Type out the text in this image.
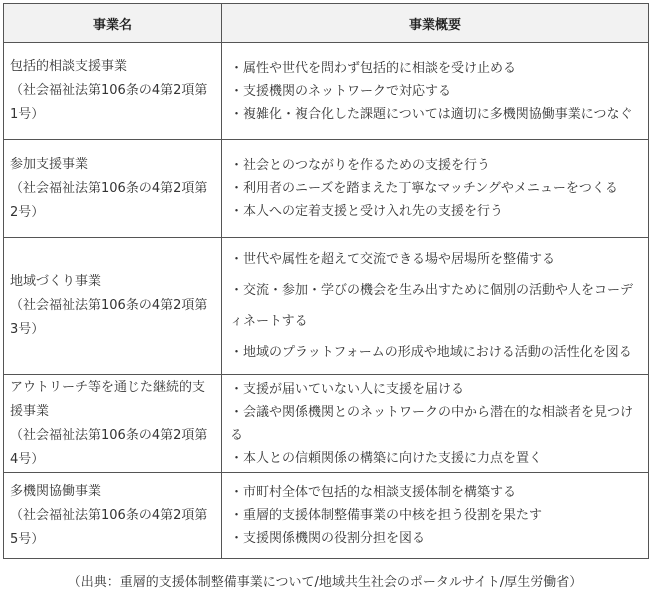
事業名	事業概要
包括的相談支援事業
（社会福祉法第106条の4第2項第1号）	・属性や世代を問わず包括的に相談を受け止める
・支援機関のネットワークで対応する
・複雑化・複合化した課題については適切に多機関協働事業につなぐ

参加支援事業
（社会福祉法第106条の4第2項第2号）	・社会とのつながりを作るための支援を行う
・利用者のニーズを踏まえた丁寧なマッチングやメニューをつくる
・本人への定着支援と受け入れ先の支援を行う

地域づくり事業
（社会福祉法第106条の4第2項第3号）	・世代や属性を超えて交流できる場や居場所を整備する
・交流・参加・学びの機会を生み出すために個別の活動や人をコーディネートする
・地域のプラットフォームの形成や地域における活動の活性化を図る

アウトリーチ等を通じた継続的支援事業
（社会福祉法第106条の4第2項第4号）	・支援が届いていない人に支援を届ける
・会議や関係機関とのネットワークの中から潜在的な相談者を見つける
・本人との信頼関係の構築に向けた支援に力点を置く

多機関協働事業
（社会福祉法第106条の4第2項第5号）	・市町村全体で包括的な相談支援体制を構築する
・重層的支援体制整備事業の中核を担う役割を果たす
・支援関係機関の役割分担を図る
（出典：重層的支援体制整備事業について/地域共生社会のポータルサイト/厚生労働省）
